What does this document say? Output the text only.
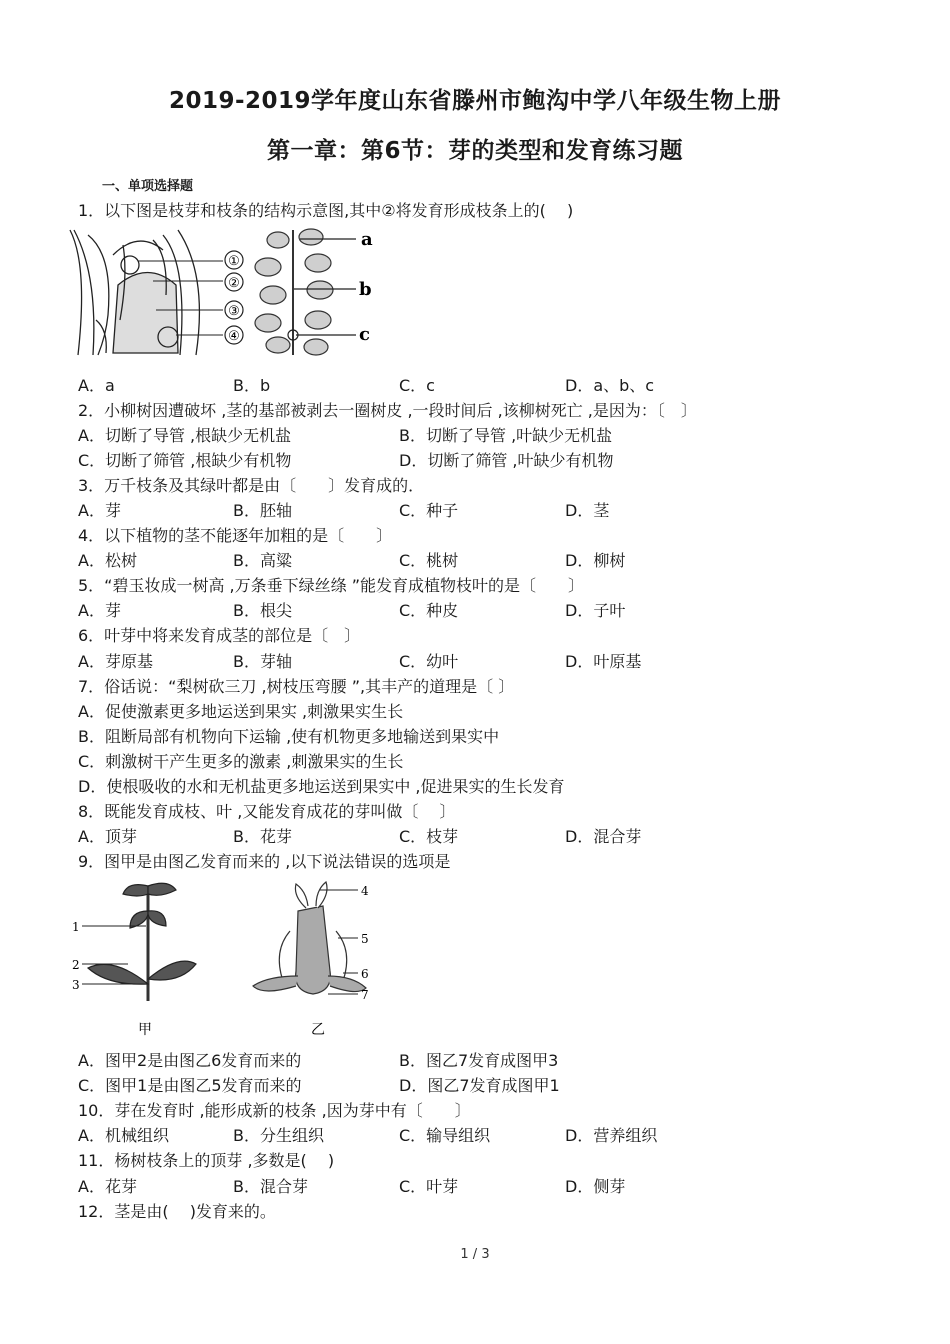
2019-2019学年度山东省滕州市鲍沟中学八年级生物上册
第一章：第6节：芽的类型和发育练习题
一、单项选择题
1．以下图是枝芽和枝条的结构示意图,其中②将发育形成枝条上的(　 )
①
②
③
④
a
b
c
A．a	B．b	C．c	D．a、b、c
2．小柳树因遭破坏 ,茎的基部被剥去一圈树皮 ,一段时间后 ,该柳树死亡 ,是因为：〔　〕
A．切断了导管 ,根缺少无机盐	B．切断了导管 ,叶缺少无机盐
C．切断了筛管 ,根缺少有机物	D．切断了筛管 ,叶缺少有机物
3．万千枝条及其绿叶都是由〔　　〕发育成的．
A．芽	B．胚轴	C．种子	D．茎
4．以下植物的茎不能逐年加粗的是〔　　〕
A．松树	B．高粱	C．桃树	D．柳树
5．“碧玉妆成一树高 ,万条垂下绿丝绦 ”能发育成植物枝叶的是〔　　〕
A．芽	B．根尖	C．种皮	D．子叶
6．叶芽中将来发育成茎的部位是〔　〕
A．芽原基	B．芽轴	C．幼叶	D．叶原基
7．俗话说：“梨树砍三刀 ,树枝压弯腰 ”,其丰产的道理是〔 〕
A．促使激素更多地运送到果实 ,刺激果实生长
B．阻断局部有机物向下运输 ,使有机物更多地输送到果实中
C．刺激树干产生更多的激素 ,刺激果实的生长
D．使根吸收的水和无机盐更多地运送到果实中 ,促进果实的生长发育
8．既能发育成枝、叶 ,又能发育成花的芽叫做〔　 〕
A．顶芽	B．花芽	C．枝芽	D．混合芽
9．图甲是由图乙发育而来的 ,以下说法错误的选项是
1
2
3
4
5
6
7
甲	乙
A．图甲2是由图乙6发育而来的	B．图乙7发育成图甲3
C．图甲1是由图乙5发育而来的	D．图乙7发育成图甲1
10．芽在发育时 ,能形成新的枝条 ,因为芽中有〔　　〕
A．机械组织	B．分生组织	C．输导组织	D．营养组织
11．杨树枝条上的顶芽 ,多数是(　 )
A．花芽	B．混合芽	C．叶芽	D．侧芽
12．茎是由(　 )发育来的。
1 / 3
